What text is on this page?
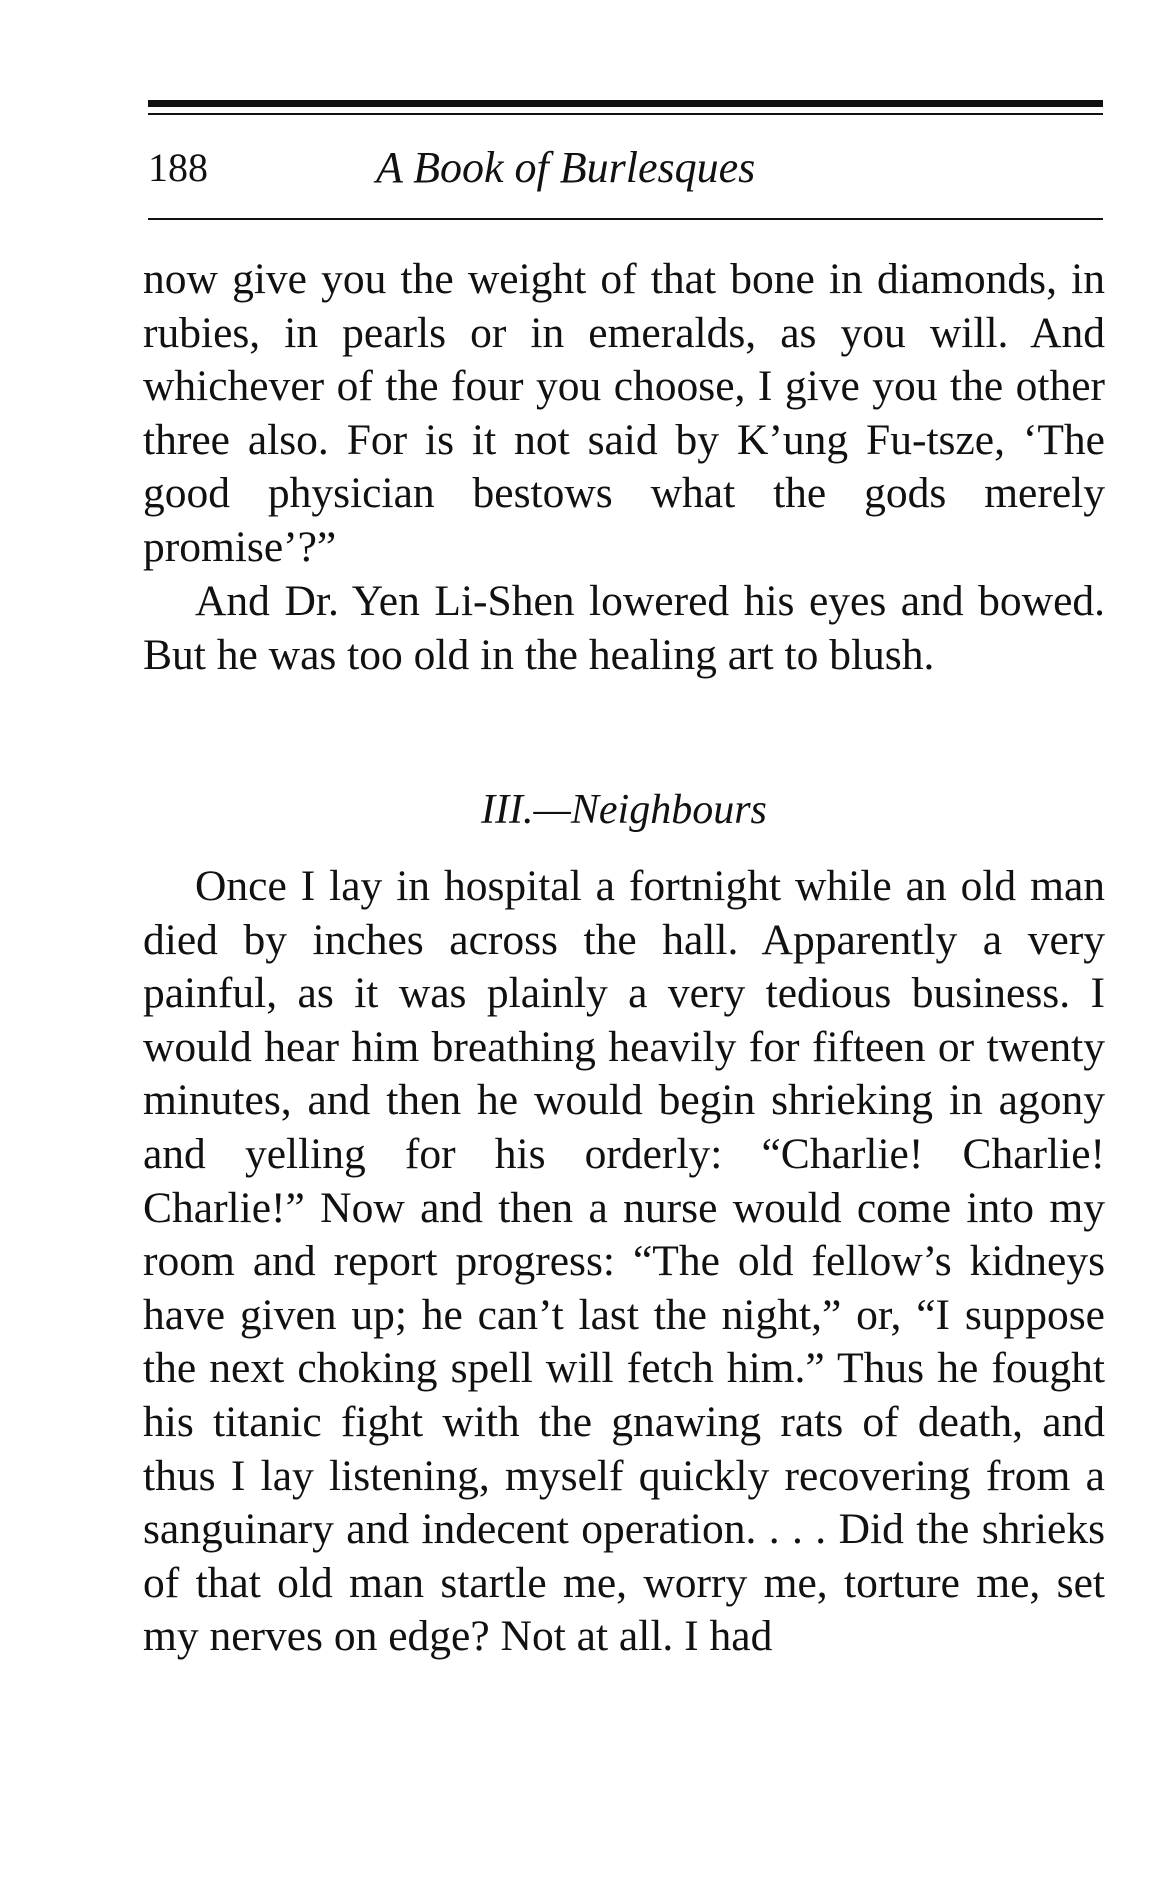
188	A Book of Burlesques

now give you the weight of that bone in diamonds, in rubies, in pearls or in emeralds, as you will. And whichever of the four you choose, I give you the other three also. For is it not said by K’ung Fu-tsze, ‘The good physician bestows what the gods merely promise’?”

And Dr. Yen Li-Shen lowered his eyes and bowed. But he was too old in the healing art to blush.

III.—Neighbours

Once I lay in hospital a fortnight while an old man died by inches across the hall. Apparently a very painful, as it was plainly a very tedious business. I would hear him breathing heavily for fifteen or twenty minutes, and then he would begin shrieking in agony and yelling for his orderly: “Charlie! Charlie! Charlie!” Now and then a nurse would come into my room and report progress: “The old fellow’s kidneys have given up; he can’t last the night,” or, “I suppose the next choking spell will fetch him.” Thus he fought his titanic fight with the gnawing rats of death, and thus I lay listening, myself quickly recovering from a sanguinary and indecent operation. . . . Did the shrieks of that old man startle me, worry me, torture me, set my nerves on edge? Not at all. I had
